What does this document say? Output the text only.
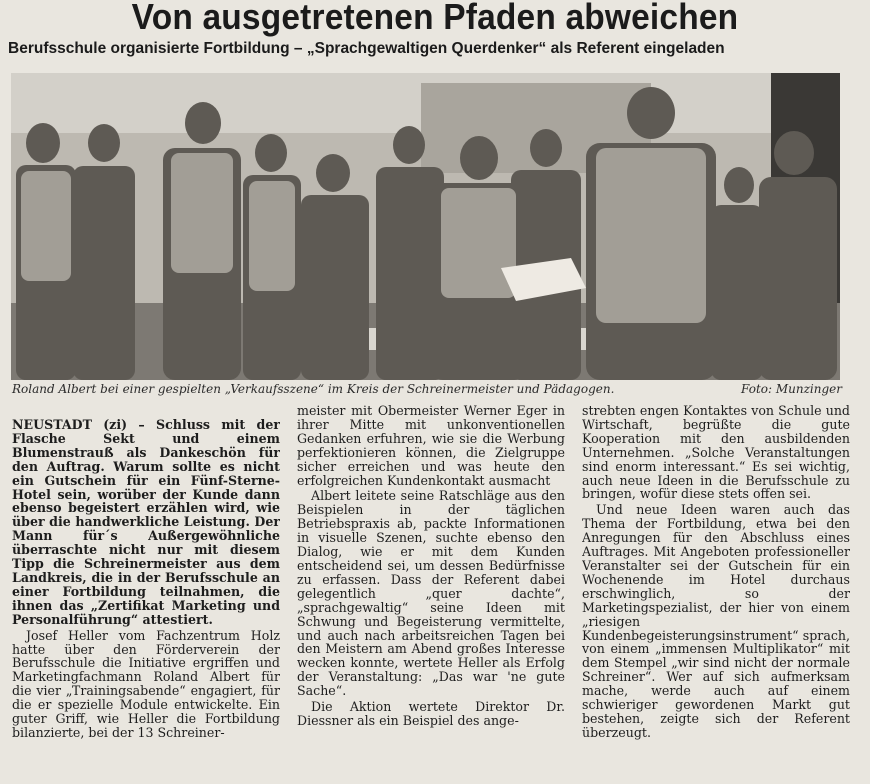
Von ausgetretenen Pfaden abweichen
Berufsschule organisierte Fortbildung – „Sprachgewaltigen Querdenker“ als Referent eingeladen
Roland Albert bei einer gespielten „Verkaufsszene“ im Kreis der Schreinermeister und Pädagogen.	Foto: Munzinger

NEUSTADT (zi) – Schluss mit der Flasche Sekt und einem Blumenstrauß als Dankeschön für den Auftrag. Warum sollte es nicht ein Gutschein für ein Fünf-Sterne-Hotel sein, worüber der Kunde dann ebenso begeistert erzählen wird, wie über die handwerkliche Leistung. Der Mann für´s Außergewöhnliche überraschte nicht nur mit diesem Tipp die Schreinermeister aus dem Landkreis, die in der Berufsschule an einer Fortbildung teilnahmen, die ihnen das „Zertifikat Marketing und Personalführung“ attestiert.

Josef Heller vom Fachzentrum Holz hatte über den Förderverein der Berufsschule die Initiative ergriffen und Marketingfachmann Roland Albert für die vier „Trainingsabende“ engagiert, für die er spezielle Module entwickelte. Ein guter Griff, wie Heller die Fortbildung bilanzierte, bei der 13 Schreiner-

meister mit Obermeister Werner Eger in ihrer Mitte mit unkonventionellen Gedanken erfuhren, wie sie die Werbung perfektionieren können, die Zielgruppe sicher erreichen und was heute den erfolgreichen Kundenkontakt ausmacht

Albert leitete seine Ratschläge aus den Beispielen in der täglichen Betriebspraxis ab, packte Informationen in visuelle Szenen, suchte ebenso den Dialog, wie er mit dem Kunden entscheidend sei, um dessen Bedürfnisse zu erfassen. Dass der Referent dabei gelegentlich „quer dachte“, „sprachgewaltig“ seine Ideen mit Schwung und Begeisterung vermittelte, und auch nach arbeitsreichen Tagen bei den Meistern am Abend großes Interesse wecken konnte, wertete Heller als Erfolg der Veranstaltung: „Das war 'ne gute Sache“.

Die Aktion wertete Direktor Dr. Diessner als ein Beispiel des ange-

strebten engen Kontaktes von Schule und Wirtschaft, begrüßte die gute Kooperation mit den ausbildenden Unternehmen. „Solche Veranstaltungen sind enorm interessant.“ Es sei wichtig, auch neue Ideen in die Berufsschule zu bringen, wofür diese stets offen sei.

Und neue Ideen waren auch das Thema der Fortbildung, etwa bei den Anregungen für den Abschluss eines Auftrages. Mit Angeboten professioneller Veranstalter sei der Gutschein für ein Wochenende im Hotel durchaus erschwinglich, so der Marketingspezialist, der hier von einem „riesigen Kundenbegeisterungsinstrument“ sprach, von einem „immensen Multiplikator“ mit dem Stempel „wir sind nicht der normale Schreiner“. Wer auf sich aufmerksam mache, werde auch auf einem schwieriger gewordenen Markt gut bestehen, zeigte sich der Referent überzeugt.
